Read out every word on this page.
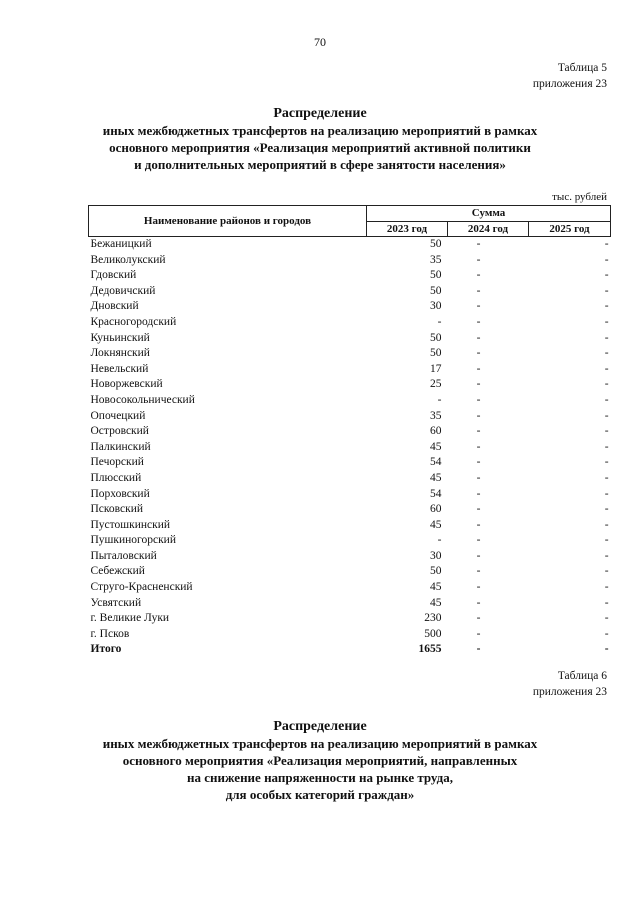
70
Таблица 5
приложения 23
Распределение
иных межбюджетных трансфертов на реализацию мероприятий в рамках
основного мероприятия «Реализация мероприятий активной политики
и дополнительных мероприятий в сфере занятости населения»
тыс. рублей
Наименование районов и городов	Сумма		
	2023 год	2024 год	2025 год
Бежаницкий	50	-	-
Великолукский	35	-	-
Гдовский	50	-	-
Дедовичский	50	-	-
Дновский	30	-	-
Красногородский	-	-	-
Куньинский	50	-	-
Локнянский	50	-	-
Невельский	17	-	-
Новоржевский	25	-	-
Новосокольнический	-	-	-
Опочецкий	35	-	-
Островский	60	-	-
Палкинский	45	-	-
Печорский	54	-	-
Плюсский	45	-	-
Порховский	54	-	-
Псковский	60	-	-
Пустошкинский	45	-	-
Пушкиногорский	-	-	-
Пыталовский	30	-	-
Себежский	50	-	-
Струго-Красненский	45	-	-
Усвятский	45	-	-
г. Великие Луки	230	-	-
г. Псков	500	-	-
Итого	1655	-	-
Таблица 6
приложения 23
Распределение
иных межбюджетных трансфертов на реализацию мероприятий в рамках
основного мероприятия «Реализация мероприятий, направленных
на снижение напряженности на рынке труда,
для особых категорий граждан»
